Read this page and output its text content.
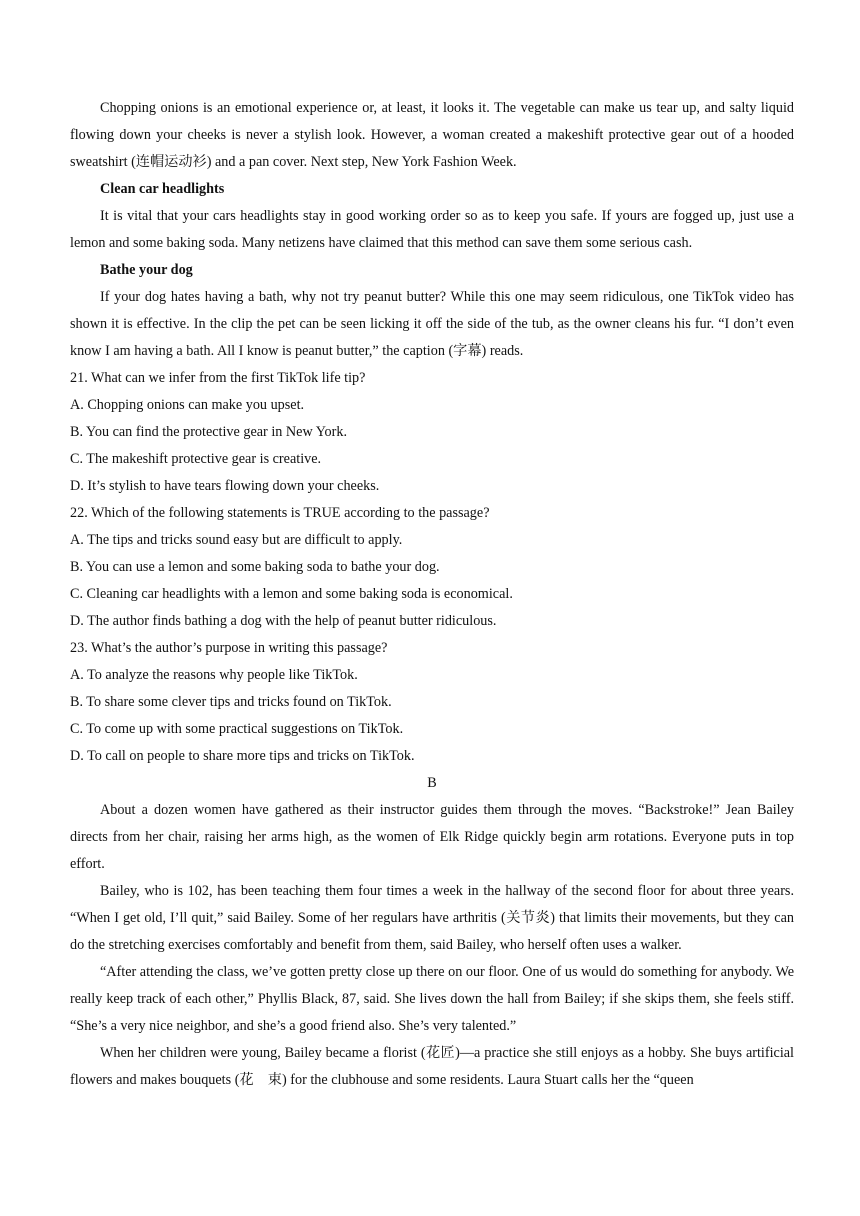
Chopping onions is an emotional experience or, at least, it looks it. The vegetable can make us tear up, and salty liquid flowing down your cheeks is never a stylish look. However, a woman created a makeshift protective gear out of a hooded sweatshirt (连帽运动衫) and a pan cover. Next step, New York Fashion Week.

Clean car headlights

It is vital that your cars headlights stay in good working order so as to keep you safe. If yours are fogged up, just use a lemon and some baking soda. Many netizens have claimed that this method can save them some serious cash.

Bathe your dog

If your dog hates having a bath, why not try peanut butter? While this one may seem ridiculous, one TikTok video has shown it is effective. In the clip the pet can be seen licking it off the side of the tub, as the owner cleans his fur. “I don’t even know I am having a bath. All I know is peanut butter,” the caption (字幕) reads.

21. What can we infer from the first TikTok life tip?

A. Chopping onions can make you upset.

B. You can find the protective gear in New York.

C. The makeshift protective gear is creative.

D. It’s stylish to have tears flowing down your cheeks.

22. Which of the following statements is TRUE according to the passage?

A. The tips and tricks sound easy but are difficult to apply.

B. You can use a lemon and some baking soda to bathe your dog.

C. Cleaning car headlights with a lemon and some baking soda is economical.

D. The author finds bathing a dog with the help of peanut butter ridiculous.

23. What’s the author’s purpose in writing this passage?

A. To analyze the reasons why people like TikTok.

B. To share some clever tips and tricks found on TikTok.

C. To come up with some practical suggestions on TikTok.

D. To call on people to share more tips and tricks on TikTok.

B

About a dozen women have gathered as their instructor guides them through the moves. “Backstroke!” Jean Bailey directs from her chair, raising her arms high, as the women of Elk Ridge quickly begin arm rotations. Everyone puts in top effort.

Bailey, who is 102, has been teaching them four times a week in the hallway of the second floor for about three years. “When I get old, I’ll quit,” said Bailey. Some of her regulars have arthritis (关节炎) that limits their movements, but they can do the stretching exercises comfortably and benefit from them, said Bailey, who herself often uses a walker.

“After attending the class, we’ve gotten pretty close up there on our floor. One of us would do something for anybody. We really keep track of each other,” Phyllis Black, 87, said. She lives down the hall from Bailey; if she skips them, she feels stiff. “She’s a very nice neighbor, and she’s a good friend also. She’s very talented.”

When her children were young, Bailey became a florist (花匠)—a practice she still enjoys as a hobby. She buys artificial flowers and makes bouquets (花　束) for the clubhouse and some residents. Laura Stuart calls her the “queen
